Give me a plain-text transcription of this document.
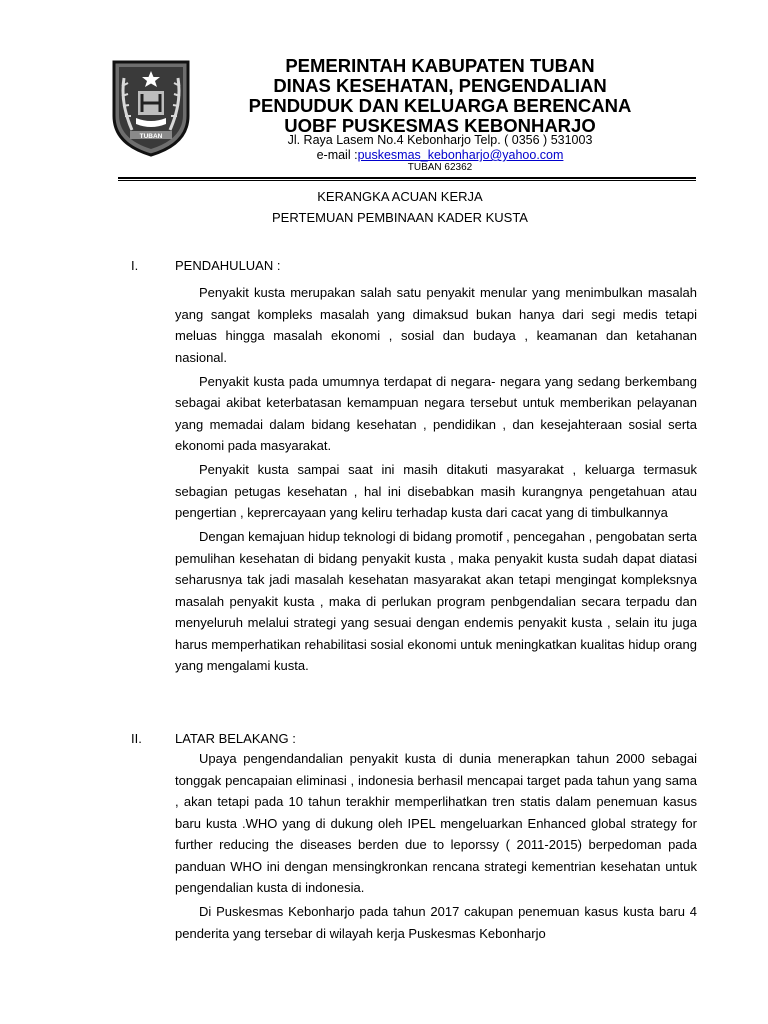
TUBAN
PEMERINTAH KABUPATEN TUBAN
DINAS KESEHATAN, PENGENDALIAN
PENDUDUK DAN KELUARGA BERENCANA
UOBF PUSKESMAS KEBONHARJO
Jl. Raya Lasem No.4 Kebonharjo Telp. ( 0356 ) 531003
e-mail :puskesmas_kebonharjo@yahoo.com
TUBAN 62362
KERANGKA ACUAN KERJA
PERTEMUAN PEMBINAAN KADER KUSTA
I.	PENDAHULUAN :

Penyakit kusta merupakan salah satu penyakit menular yang menimbulkan masalah yang sangat kompleks masalah yang dimaksud bukan hanya dari segi medis tetapi meluas hingga masalah ekonomi , sosial dan budaya , keamanan dan ketahanan nasional.

Penyakit kusta pada umumnya terdapat di negara- negara yang sedang berkembang sebagai akibat keterbatasan kemampuan negara tersebut untuk memberikan pelayanan yang memadai dalam bidang kesehatan , pendidikan , dan kesejahteraan sosial serta ekonomi pada masyarakat.

Penyakit kusta sampai saat ini masih ditakuti masyarakat , keluarga termasuk sebagian petugas kesehatan , hal ini disebabkan masih kurangnya pengetahuan atau pengertian , keprercayaan yang keliru terhadap kusta dari cacat yang di timbulkannya

Dengan kemajuan hidup teknologi di bidang promotif , pencegahan , pengobatan serta pemulihan kesehatan di bidang penyakit kusta , maka penyakit kusta sudah dapat diatasi seharusnya tak jadi masalah kesehatan masyarakat akan tetapi mengingat kompleksnya masalah penyakit kusta , maka di perlukan program penbgendalian secara terpadu dan menyeluruh melalui strategi yang sesuai dengan endemis penyakit kusta , selain itu juga harus memperhatikan rehabilitasi sosial ekonomi untuk meningkatkan kualitas hidup orang yang mengalami kusta.

II.	LATAR BELAKANG :

Upaya pengendandalian penyakit kusta di dunia menerapkan tahun 2000 sebagai tonggak pencapaian eliminasi , indonesia berhasil mencapai target pada tahun yang sama , akan tetapi pada 10 tahun terakhir memperlihatkan tren statis dalam penemuan kasus baru kusta .WHO yang di dukung oleh IPEL mengeluarkan Enhanced global strategy for further reducing the diseases berden due to leporssy ( 2011-2015) berpedoman pada panduan WHO ini dengan mensingkronkan rencana strategi kementrian kesehatan untuk pengendalian kusta di indonesia.

Di Puskesmas Kebonharjo pada tahun 2017 cakupan penemuan kasus kusta baru 4 penderita yang tersebar di wilayah kerja Puskesmas Kebonharjo
